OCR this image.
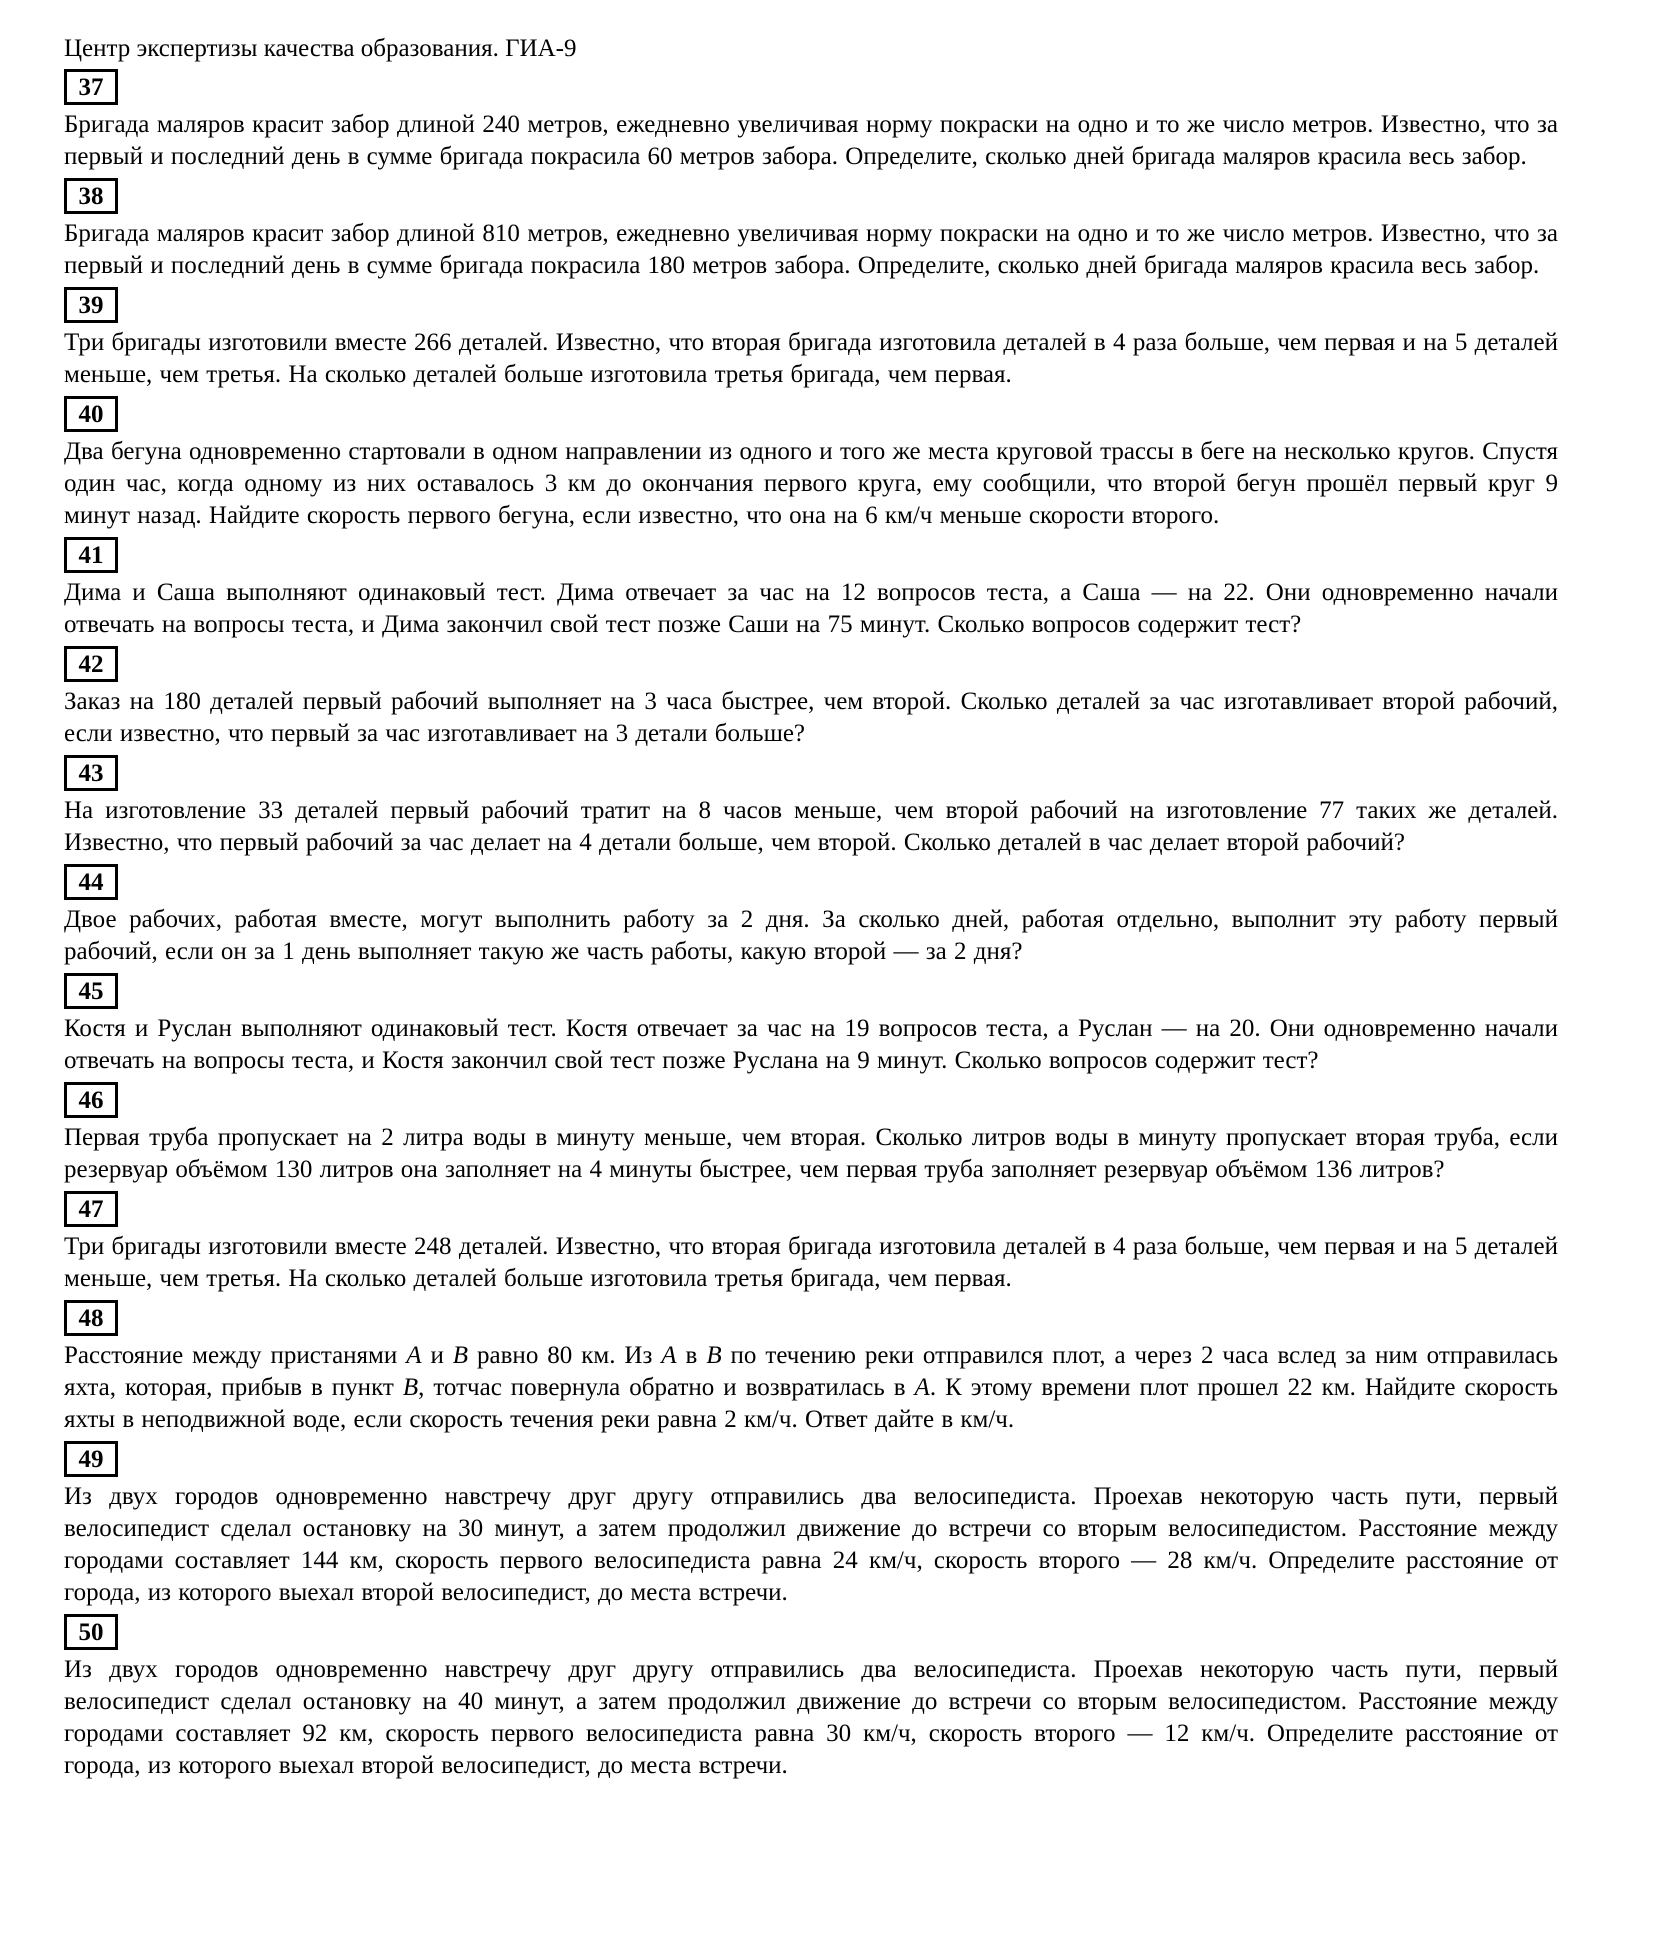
Центр экспертизы качества образования. ГИА-9
37

Бригада маляров красит забор длиной 240 метров, ежедневно увеличивая норму покраски на одно и то же число метров. Известно, что за первый и последний день в сумме бригада покрасила 60 метров забора. Определите, сколько дней бригада маляров красила весь забор.

38

Бригада маляров красит забор длиной 810 метров, ежедневно увеличивая норму покраски на одно и то же число метров. Известно, что за первый и последний день в сумме бригада покрасила 180 метров забора. Определите, сколько дней бригада маляров красила весь забор.

39

Три бригады изготовили вместе 266 деталей. Известно, что вторая бригада изготовила деталей в 4 раза больше, чем первая и на 5 деталей меньше, чем третья. На сколько деталей больше изготовила третья бригада, чем первая.

40

Два бегуна одновременно стартовали в одном направлении из одного и того же места круговой трассы в беге на несколько кругов. Спустя один час, когда одному из них оставалось 3 км до окончания первого круга, ему сообщили, что второй бегун прошёл первый круг 9 минут назад. Найдите скорость первого бегуна, если известно, что она на 6 км/ч меньше скорости второго.

41

Дима и Саша выполняют одинаковый тест. Дима отвечает за час на 12 вопросов теста, а Саша — на 22. Они одновременно начали отвечать на вопросы теста, и Дима закончил свой тест позже Саши на 75 минут. Сколько вопросов содержит тест?

42

Заказ на 180 деталей первый рабочий выполняет на 3 часа быстрее, чем второй. Сколько деталей за час изготавливает второй рабочий, если известно, что первый за час изготавливает на 3 детали больше?

43

На изготовление 33 деталей первый рабочий тратит на 8 часов меньше, чем второй рабочий на изготовление 77 таких же деталей. Известно, что первый рабочий за час делает на 4 детали больше, чем второй. Сколько деталей в час делает второй рабочий?

44

Двое рабочих, работая вместе, могут выполнить работу за 2 дня. За сколько дней, работая отдельно, выполнит эту работу первый рабочий, если он за 1 день выполняет такую же часть работы, какую второй — за 2 дня?

45

Костя и Руслан выполняют одинаковый тест. Костя отвечает за час на 19 вопросов теста, а Руслан — на 20. Они одновременно начали отвечать на вопросы теста, и Костя закончил свой тест позже Руслана на 9 минут. Сколько вопросов содержит тест?

46

Первая труба пропускает на 2 литра воды в минуту меньше, чем вторая. Сколько литров воды в минуту пропускает вторая труба, если резервуар объёмом 130 литров она заполняет на 4 минуты быстрее, чем первая труба заполняет резервуар объёмом 136 литров?

47

Три бригады изготовили вместе 248 деталей. Известно, что вторая бригада изготовила деталей в 4 раза больше, чем первая и на 5 деталей меньше, чем третья. На сколько деталей больше изготовила третья бригада, чем первая.

48

Расстояние между пристанями A и B равно 80 км. Из A в B по течению реки отправился плот, а через 2 часа вслед за ним отправилась яхта, которая, прибыв в пункт B, тотчас повернула обратно и возвратилась в A. К этому времени плот прошел 22 км. Найдите скорость яхты в неподвижной воде, если скорость течения реки равна 2 км/ч. Ответ дайте в км/ч.

49

Из двух городов одновременно навстречу друг другу отправились два велосипедиста. Проехав некоторую часть пути, первый велосипедист сделал остановку на 30 минут, а затем продолжил движение до встречи со вторым велосипедистом. Расстояние между городами составляет 144 км, скорость первого велосипедиста равна 24 км/ч, скорость второго — 28 км/ч. Определите расстояние от города, из которого выехал второй велосипедист, до места встречи.

50

Из двух городов одновременно навстречу друг другу отправились два велосипедиста. Проехав некоторую часть пути, первый велосипедист сделал остановку на 40 минут, а затем продолжил движение до встречи со вторым велосипедистом. Расстояние между городами составляет 92 км, скорость первого велосипедиста равна 30 км/ч, скорость второго — 12 км/ч. Определите расстояние от города, из которого выехал второй велосипедист, до места встречи.
